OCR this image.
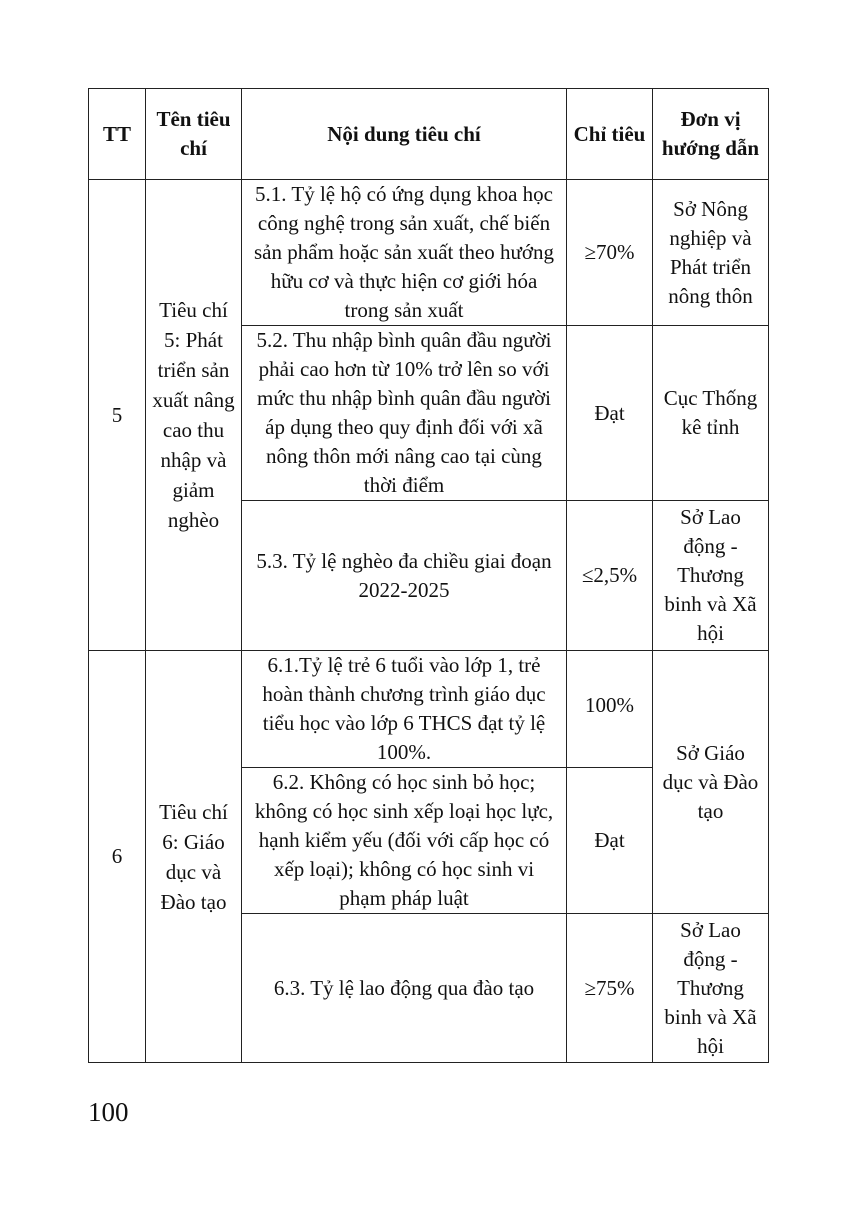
TT	Tên tiêu chí	Nội dung tiêu chí	Chỉ tiêu	Đơn vị hướng dẫn
5	Tiêu chí 5: Phát triển sản xuất nâng cao thu nhập và giảm nghèo	5.1. Tỷ lệ hộ có ứng dụng khoa học công nghệ trong sản xuất, chế biến sản phẩm hoặc sản xuất theo hướng hữu cơ và thực hiện cơ giới hóa trong sản xuất	≥70%	Sở Nông nghiệp và Phát triển nông thôn
		5.2. Thu nhập bình quân đầu người phải cao hơn từ 10% trở lên so với mức thu nhập bình quân đầu người áp dụng theo quy định đối với xã nông thôn mới nâng cao tại cùng thời điểm	Đạt	Cục Thống kê tỉnh
		5.3. Tỷ lệ nghèo đa chiều giai đoạn 2022-2025	≤2,5%	Sở Lao động - Thương binh và Xã hội
6	Tiêu chí 6: Giáo dục và Đào tạo	6.1.Tỷ lệ trẻ 6 tuổi vào lớp 1, trẻ hoàn thành chương trình giáo dục tiểu học vào lớp 6 THCS đạt tỷ lệ 100%.	100%	Sở Giáo dục và Đào tạo
		6.2. Không có học sinh bỏ học; không có học sinh xếp loại học lực, hạnh kiểm yếu (đối với cấp học có xếp loại); không có học sinh vi phạm pháp luật	Đạt	
		6.3. Tỷ lệ lao động qua đào tạo	≥75%	Sở Lao động - Thương binh và Xã hội
100
